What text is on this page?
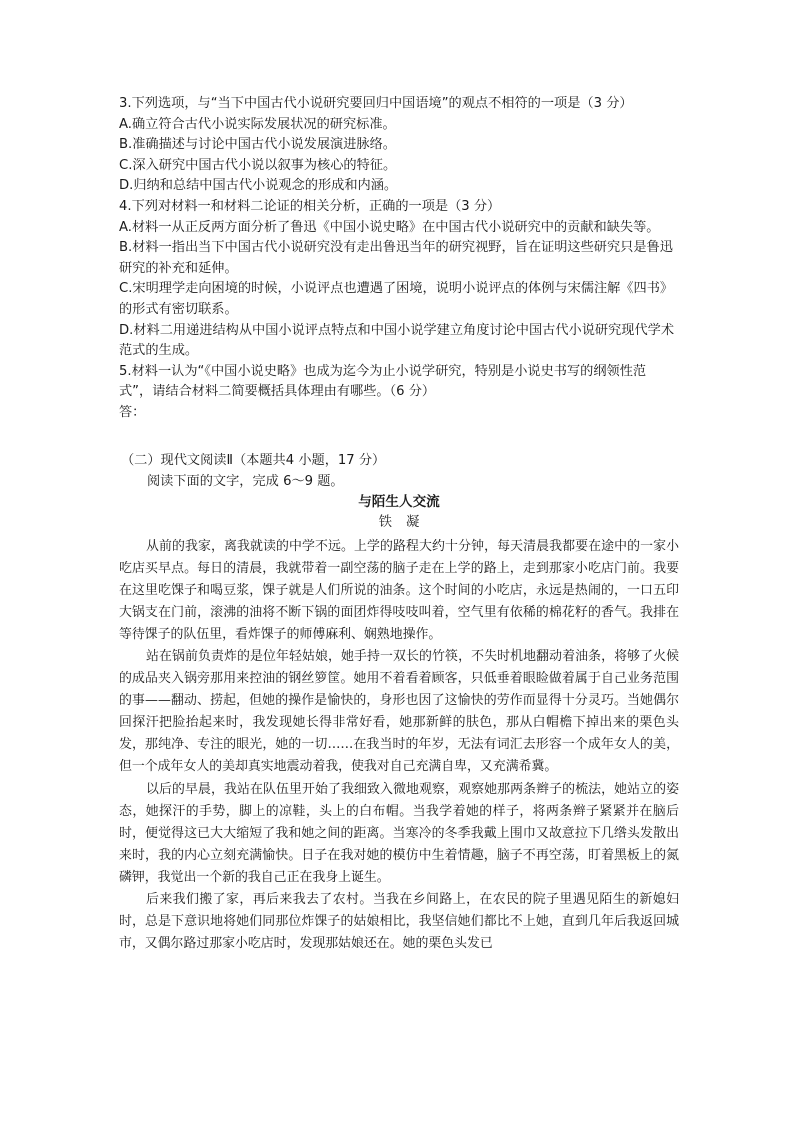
3.下列选项，与“当下中国古代小说研究要回归中国语境”的观点不相符的一项是（3 分）

A.确立符合古代小说实际发展状况的研究标准。

B.准确描述与讨论中国古代小说发展演进脉络。

C.深入研究中国古代小说以叙事为核心的特征。

D.归纳和总结中国古代小说观念的形成和内涵。

4.下列对材料一和材料二论证的相关分析，正确的一项是（3 分）

A.材料一从正反两方面分析了鲁迅《中国小说史略》在中国古代小说研究中的贡献和缺失等。

B.材料一指出当下中国古代小说研究没有走出鲁迅当年的研究视野，旨在证明这些研究只是鲁迅研究的补充和延伸。

C.宋明理学走向困境的时候，小说评点也遭遇了困境，说明小说评点的体例与宋儒注解《四书》的形式有密切联系。

D.材料二用递进结构从中国小说评点特点和中国小说学建立角度讨论中国古代小说研究现代学术范式的生成。

5.材料一认为“《中国小说史略》也成为迄今为止小说学研究，特别是小说史书写的纲领性范式”，请结合材料二简要概括具体理由有哪些。（6 分）

答：

（二）现代文阅读Ⅱ（本题共4 小题，17 分）

阅读下面的文字，完成 6～9 题。

与陌生人交流

铁凝

从前的我家，离我就读的中学不远。上学的路程大约十分钟，每天清晨我都要在途中的一家小吃店买早点。每日的清晨，我就带着一副空荡的脑子走在上学的路上，走到那家小吃店门前。我要在这里吃馃子和喝豆浆，馃子就是人们所说的油条。这个时间的小吃店，永远是热闹的，一口五印大锅支在门前，滚沸的油将不断下锅的面团炸得吱吱叫着，空气里有依稀的棉花籽的香气。我排在等待馃子的队伍里，看炸馃子的师傅麻利、娴熟地操作。

站在锅前负责炸的是位年轻姑娘，她手持一双长的竹筷，不失时机地翻动着油条，将够了火候的成品夹入锅旁那用来控油的钢丝箩筐。她用不着看着顾客，只低垂着眼睑做着属于自己业务范围的事——翻动、捞起，但她的操作是愉快的，身形也因了这愉快的劳作而显得十分灵巧。当她偶尔回探汗把脸抬起来时，我发现她长得非常好看，她那新鲜的肤色，那从白帽檐下掉出来的栗色头发，那纯净、专注的眼光，她的一切……在我当时的年岁，无法有词汇去形容一个成年女人的美，但一个成年女人的美却真实地震动着我，使我对自己充满自卑，又充满希冀。

以后的早晨，我站在队伍里开始了我细致入微地观察，观察她那两条辫子的梳法，她站立的姿态，她探汗的手势，脚上的凉鞋，头上的白布帽。当我学着她的样子，将两条辫子紧紧并在脑后时，便觉得这已大大缩短了我和她之间的距离。当寒冷的冬季我戴上围巾又故意拉下几绺头发散出来时，我的内心立刻充满愉快。日子在我对她的模仿中生着情趣，脑子不再空荡，盯着黑板上的氮磷钾，我觉出一个新的我自己正在我身上诞生。

后来我们搬了家，再后来我去了农村。当我在乡间路上，在农民的院子里遇见陌生的新媳妇时，总是下意识地将她们同那位炸馃子的姑娘相比，我坚信她们都比不上她，直到几年后我返回城市，又偶尔路过那家小吃店时，发现那姑娘还在。她的栗色头发已
